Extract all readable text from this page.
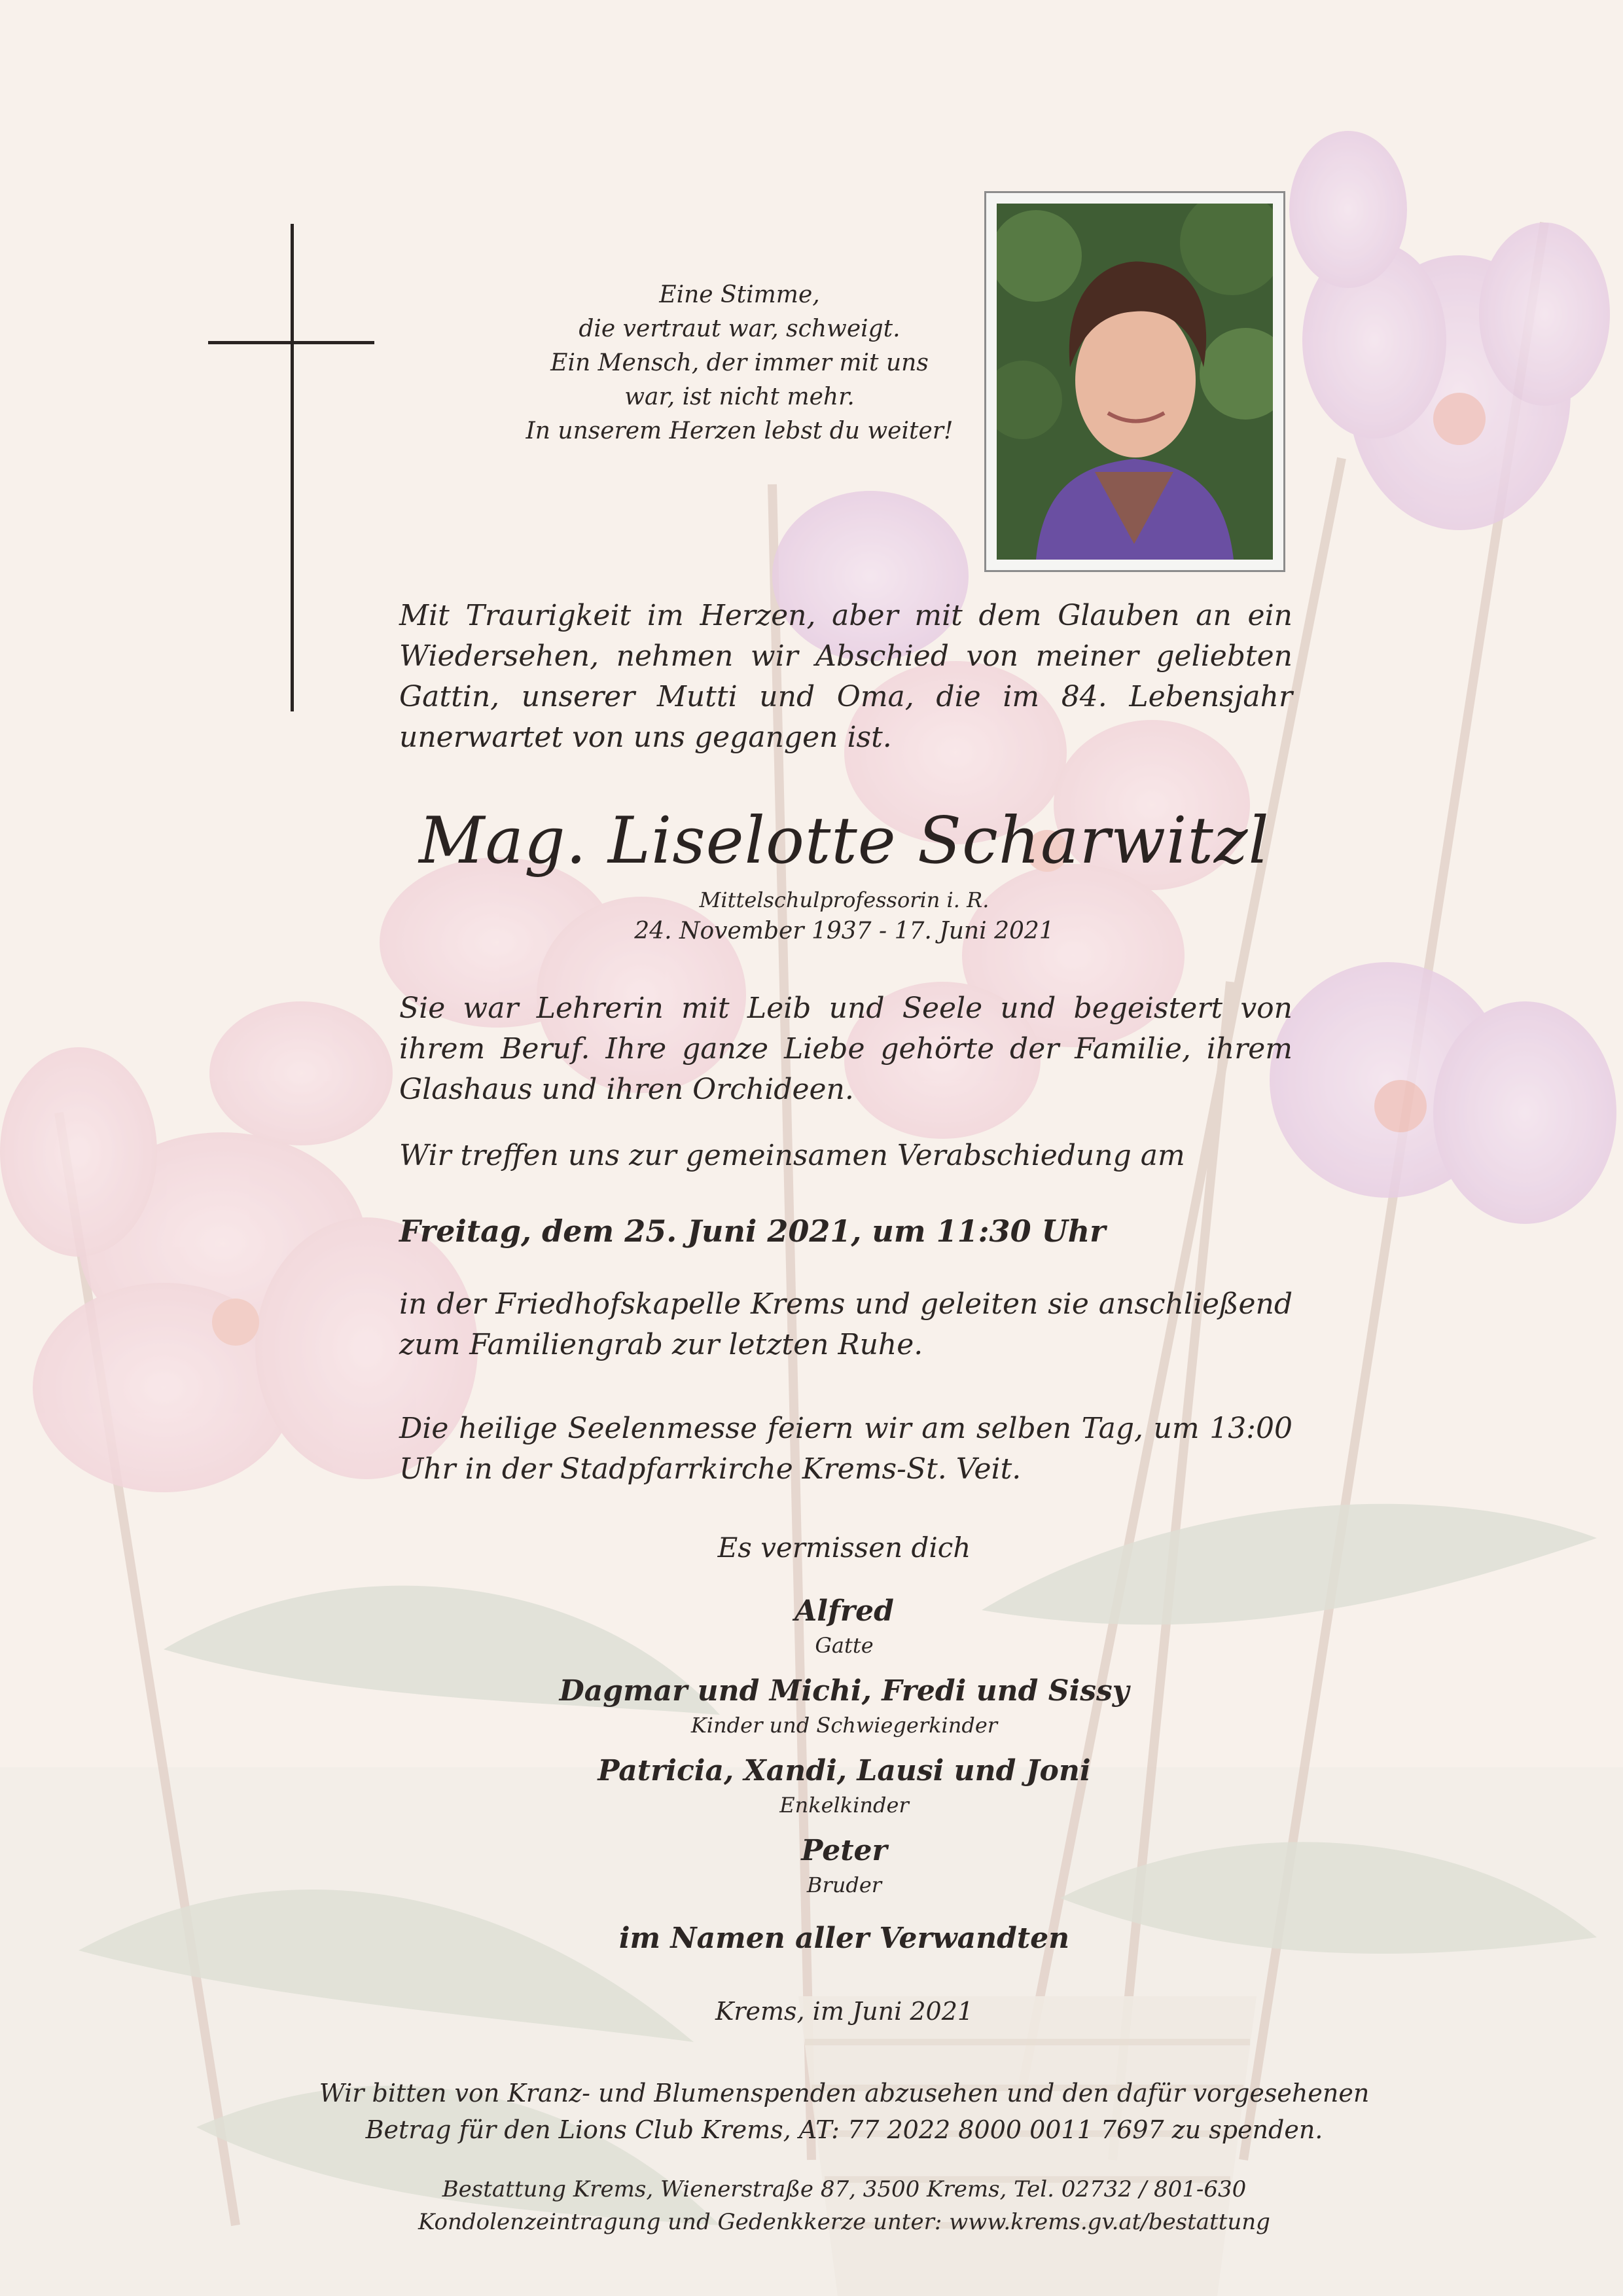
Eine Stimme,
die vertraut war, schweigt.
Ein Mensch, der immer mit uns
war, ist nicht mehr.
In unserem Herzen lebst du weiter!
Mit Traurigkeit im Herzen, aber mit dem Glauben an ein Wiedersehen, nehmen wir Abschied von meiner geliebten Gattin, unserer Mutti und Oma, die im 84. Lebensjahr unerwartet von uns gegangen ist.
Mag. Liselotte Scharwitzl
Mittelschulprofessorin i. R.
24. November 1937 - 17. Juni 2021
Sie war Lehrerin mit Leib und Seele und begeistert von ihrem Beruf. Ihre ganze Liebe gehörte der Familie, ihrem Glashaus und ihren Orchideen.
Wir treffen uns zur gemeinsamen Verabschiedung am
Freitag, dem 25. Juni 2021, um 11:30 Uhr
in der Friedhofskapelle Krems und geleiten sie anschließend zum Familiengrab zur letzten Ruhe.
Die heilige Seelenmesse feiern wir am selben Tag, um 13:00 Uhr in der Stadpfarrkirche Krems-St. Veit.
Es vermissen dich
Alfred
Gatte
Dagmar und Michi, Fredi und Sissy
Kinder und Schwiegerkinder
Patricia, Xandi, Lausi und Joni
Enkelkinder
Peter
Bruder
im Namen aller Verwandten
Krems, im Juni 2021
Wir bitten von Kranz- und Blumenspenden abzusehen und den dafür vorgesehenen
Betrag für den Lions Club Krems, AT: 77 2022 8000 0011 7697 zu spenden.
Bestattung Krems, Wienerstraße 87, 3500 Krems, Tel. 02732 / 801-630
Kondolenzeintragung und Gedenkkerze unter: www.krems.gv.at/bestattung
